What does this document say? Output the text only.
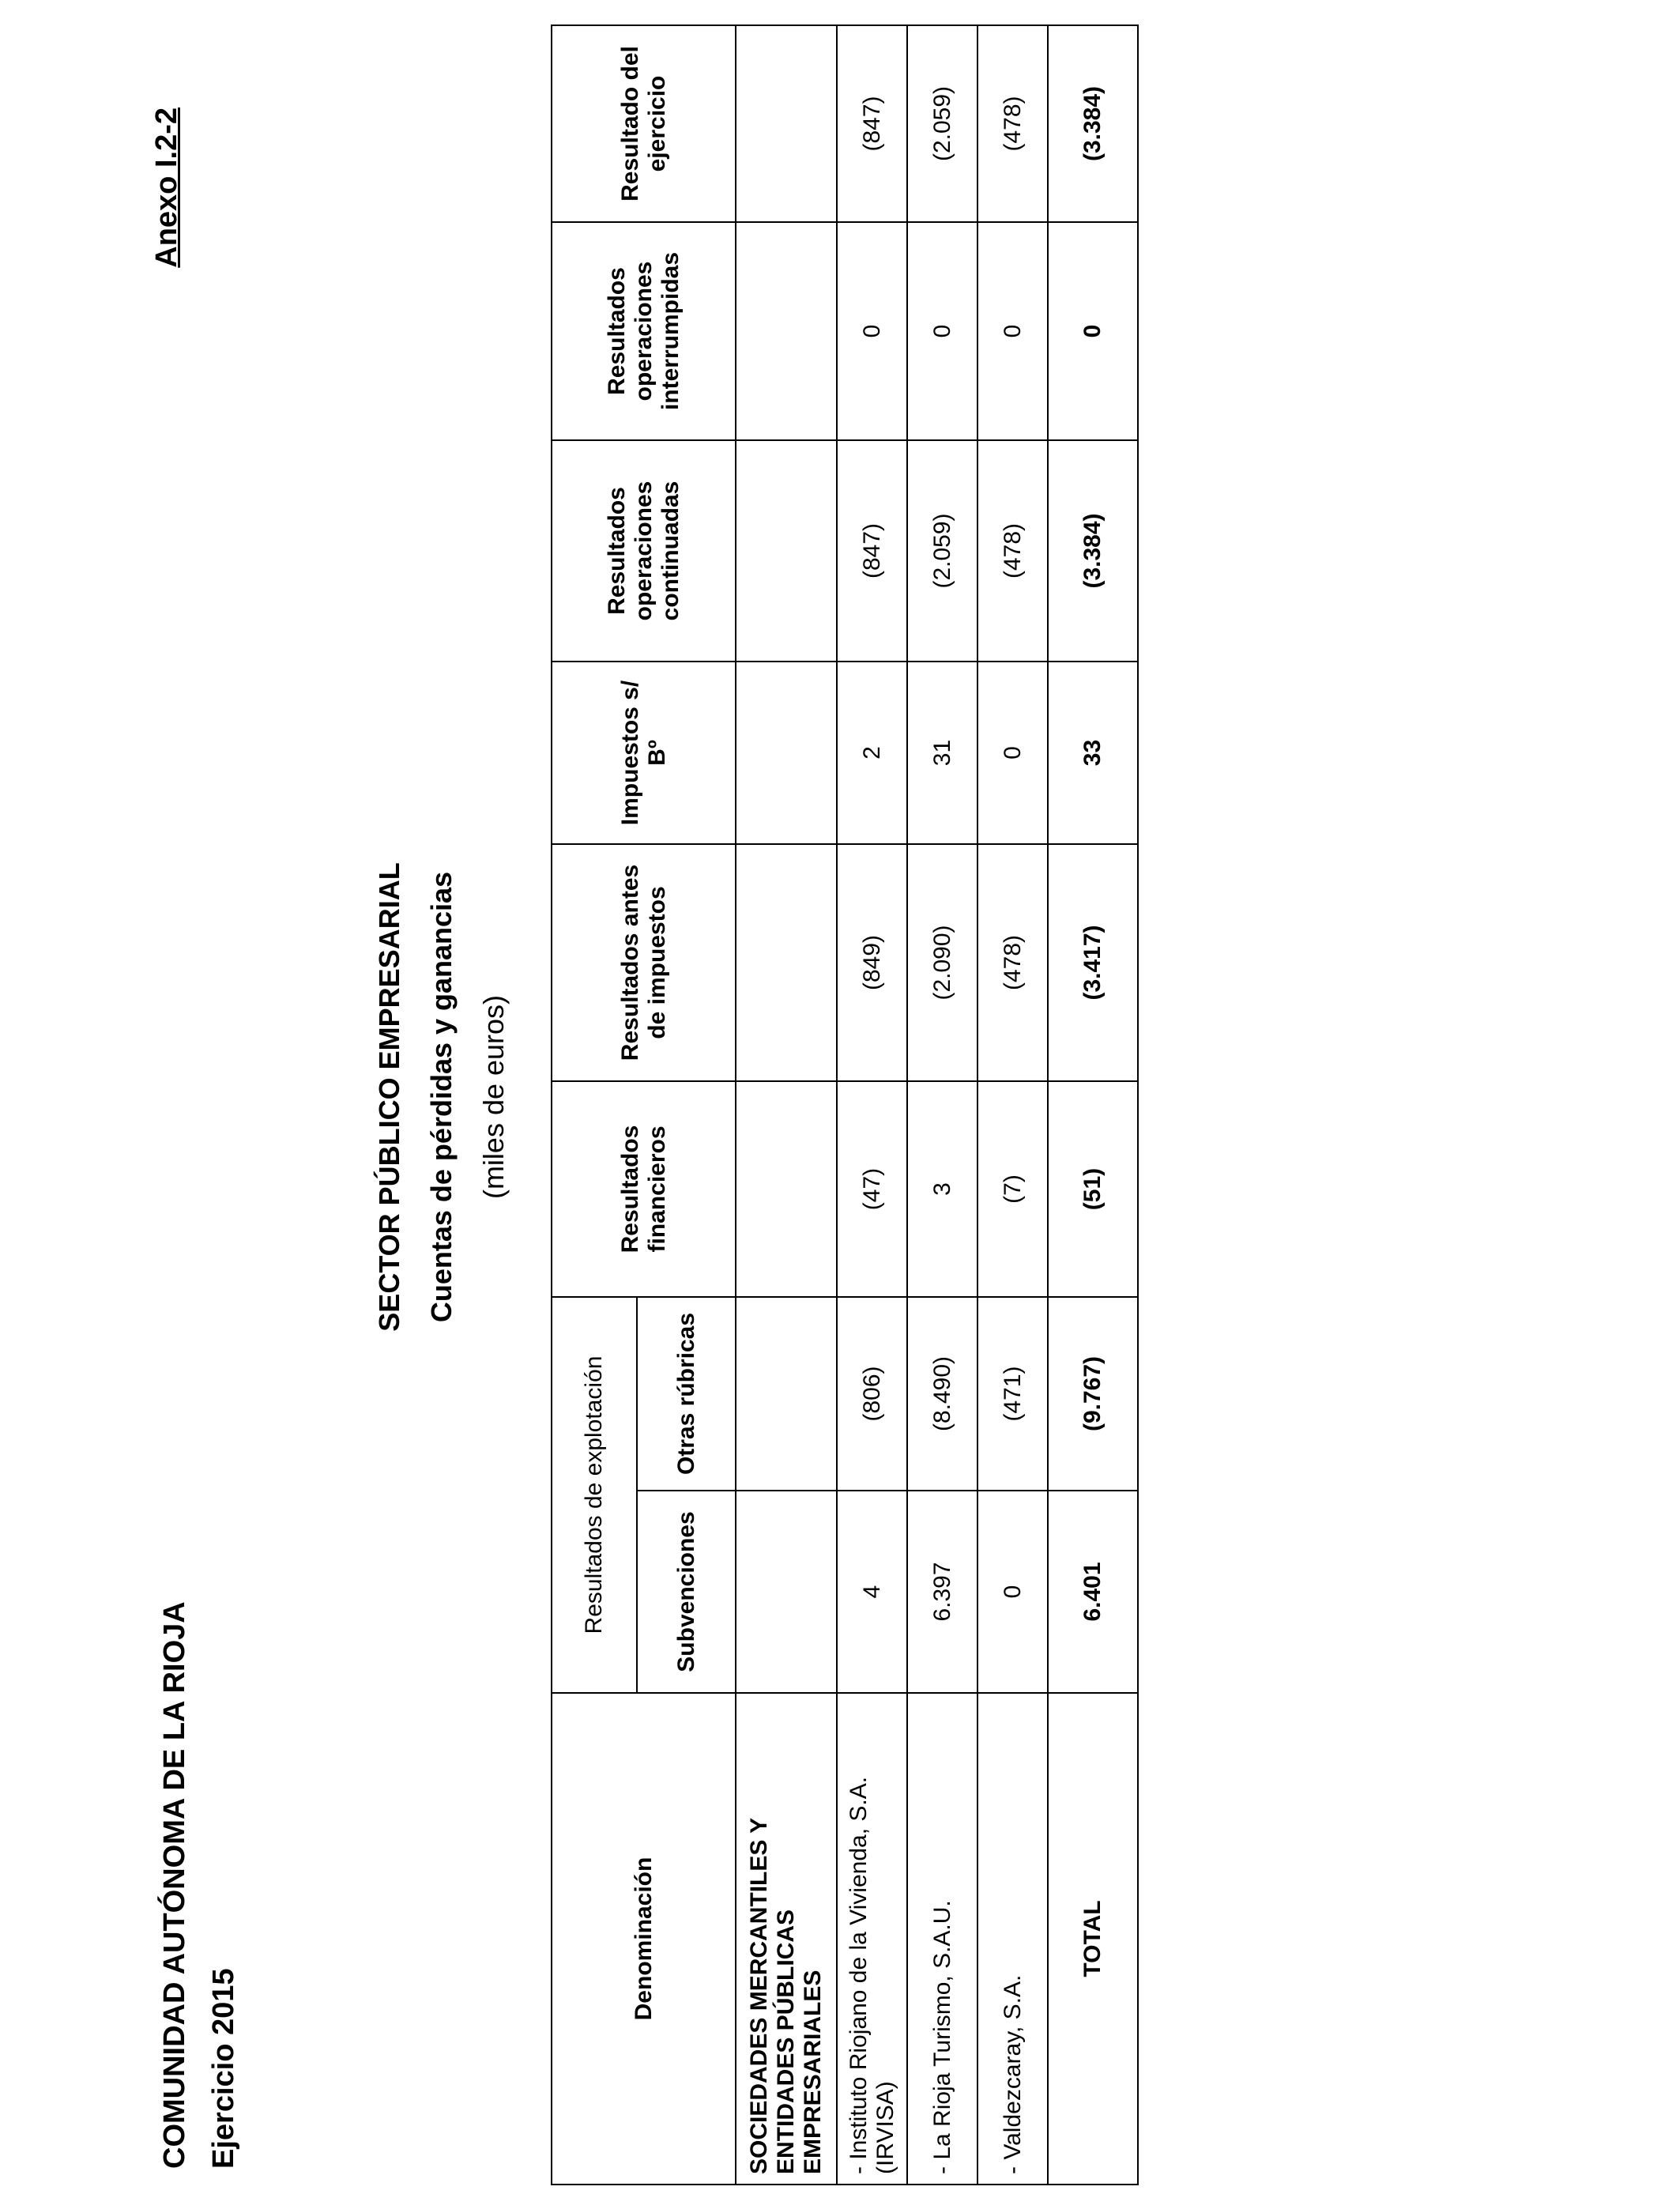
COMUNIDAD AUTÓNOMA DE LA RIOJA Ejercicio 2015
Anexo I.2-2
SECTOR PÚBLICO EMPRESARIAL Cuentas de pérdidas y ganancias (miles de euros)
Denominación	Resultados de explotación		Resultados financieros	Resultados antes de impuestos	Impuestos s/ Bº	Resultados operaciones continuadas	Resultados operaciones interrumpidas	Resultado del ejercicio
	Subvenciones	Otras rúbricas						
SOCIEDADES MERCANTILES Y ENTIDADES PÚBLICAS EMPRESARIALES								
- Instituto Riojano de la Vivienda, S.A. (IRVISA)	4	(806)	(47)	(849)	2	(847)	0	(847)
- La Rioja Turismo, S.A.U.	6.397	(8.490)	3	(2.090)	31	(2.059)	0	(2.059)
- Valdezcaray, S.A.	0	(471)	(7)	(478)	0	(478)	0	(478)
TOTAL	6.401	(9.767)	(51)	(3.417)	33	(3.384)	0	(3.384)
